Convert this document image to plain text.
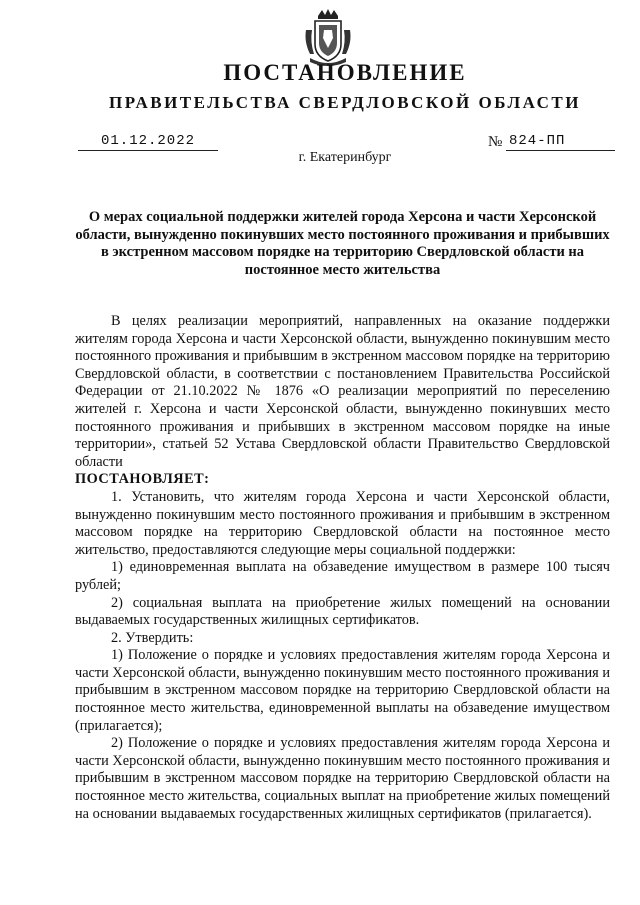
ПОСТАНОВЛЕНИЕ
ПРАВИТЕЛЬСТВА СВЕРДЛОВСКОЙ ОБЛАСТИ
01.12.2022	№ 824-ПП
г. Екатеринбург
О мерах социальной поддержки жителей города Херсона и части Херсонской области, вынужденно покинувших место постоянного проживания и прибывших в экстренном массовом порядке на территорию Свердловской области на постоянное место жительства

В целях реализации мероприятий, направленных на оказание поддержки жителям города Херсона и части Херсонской области, вынужденно покинувшим место постоянного проживания и прибывшим в экстренном массовом порядке на территорию Свердловской области, в соответствии с постановлением Правительства Российской Федерации от 21.10.2022 № 1876 «О реализации мероприятий по переселению жителей г. Херсона и части Херсонской области, вынужденно покинувших место постоянного проживания и прибывших в экстренном массовом порядке на иные территории», статьей 52 Устава Свердловской области Правительство Свердловской области

ПОСТАНОВЛЯЕТ:

1. Установить, что жителям города Херсона и части Херсонской области, вынужденно покинувшим место постоянного проживания и прибывшим в экстренном массовом порядке на территорию Свердловской области на постоянное место жительство, предоставляются следующие меры социальной поддержки:

1) единовременная выплата на обзаведение имуществом в размере 100 тысяч рублей;

2) социальная выплата на приобретение жилых помещений на основании выдаваемых государственных жилищных сертификатов.

2. Утвердить:

1) Положение о порядке и условиях предоставления жителям города Херсона и части Херсонской области, вынужденно покинувшим место постоянного проживания и прибывшим в экстренном массовом порядке на территорию Свердловской области на постоянное место жительства, единовременной выплаты на обзаведение имуществом (прилагается);

2) Положение о порядке и условиях предоставления жителям города Херсона и части Херсонской области, вынужденно покинувшим место постоянного проживания и прибывшим в экстренном массовом порядке на территорию Свердловской области на постоянное место жительства, социальных выплат на приобретение жилых помещений на основании выдаваемых государственных жилищных сертификатов (прилагается).
